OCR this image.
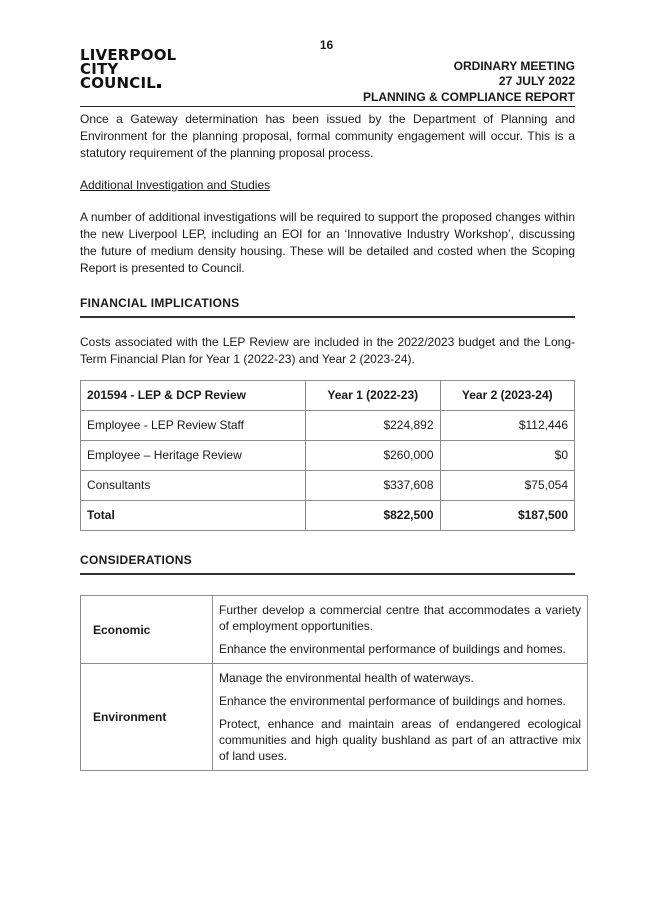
16
LIVERPOOL
CITY
COUNCIL
ORDINARY MEETING
27 JULY 2022
PLANNING & COMPLIANCE REPORT

Once a Gateway determination has been issued by the Department of Planning and Environment for the planning proposal, formal community engagement will occur. This is a statutory requirement of the planning proposal process.

Additional Investigation and Studies

A number of additional investigations will be required to support the proposed changes within the new Liverpool LEP, including an EOI for an ‘Innovative Industry Workshop’, discussing the future of medium density housing. These will be detailed and costed when the Scoping Report is presented to Council.

FINANCIAL IMPLICATIONS

Costs associated with the LEP Review are included in the 2022/2023 budget and the Long-Term Financial Plan for Year 1 (2022-23) and Year 2 (2023-24).

201594 - LEP & DCP Review	Year 1 (2022-23)	Year 2 (2023-24)
Employee - LEP Review Staff	$224,892	$112,446
Employee – Heritage Review	$260,000	$0
Consultants	$337,608	$75,054
Total	$822,500	$187,500
CONSIDERATIONS
Economic	Further develop a commercial centre that accommodates a variety of employment opportunities.
Enhance the environmental performance of buildings and homes.

Environment	Manage the environmental health of waterways.
Enhance the environmental performance of buildings and homes.
Protect, enhance and maintain areas of endangered ecological communities and high quality bushland as part of an attractive mix of land uses.
